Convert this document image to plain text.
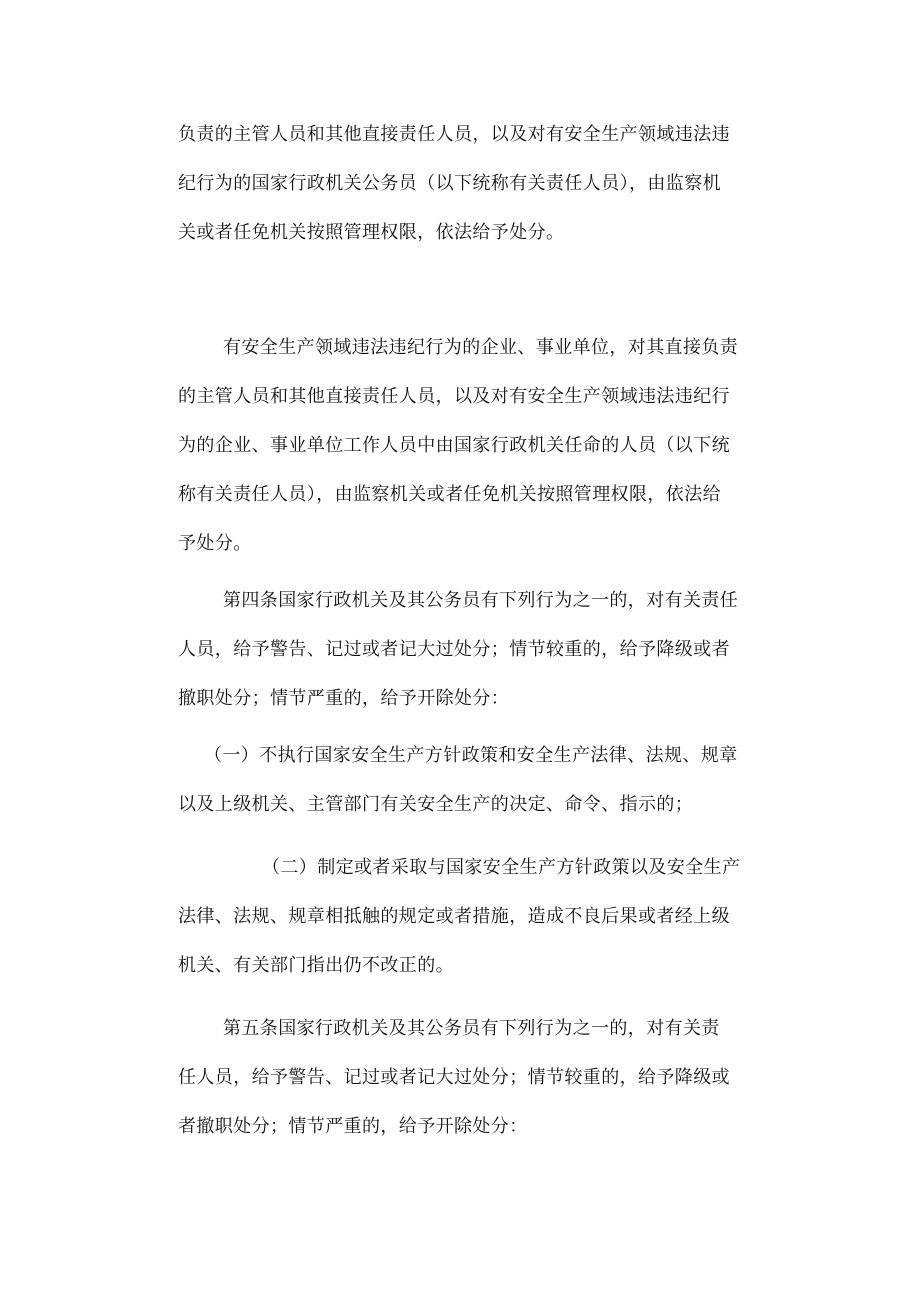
负责的主管人员和其他直接责任人员，以及对有安全生产领域违法违
纪行为的国家行政机关公务员（以下统称有关责任人员），由监察机
关或者任免机关按照管理权限，依法给予处分。
有安全生产领域违法违纪行为的企业、事业单位，对其直接负责
的主管人员和其他直接责任人员，以及对有安全生产领域违法违纪行
为的企业、事业单位工作人员中由国家行政机关任命的人员（以下统
称有关责任人员），由监察机关或者任免机关按照管理权限，依法给
予处分。
第四条国家行政机关及其公务员有下列行为之一的，对有关责任
人员，给予警告、记过或者记大过处分；情节较重的，给予降级或者
撤职处分；情节严重的，给予开除处分：
（一）不执行国家安全生产方针政策和安全生产法律、法规、规章
以及上级机关、主管部门有关安全生产的决定、命令、指示的；
（二）制定或者采取与国家安全生产方针政策以及安全生产
法律、法规、规章相抵触的规定或者措施，造成不良后果或者经上级
机关、有关部门指出仍不改正的。
第五条国家行政机关及其公务员有下列行为之一的，对有关责
任人员，给予警告、记过或者记大过处分；情节较重的，给予降级或
者撤职处分；情节严重的，给予开除处分：
